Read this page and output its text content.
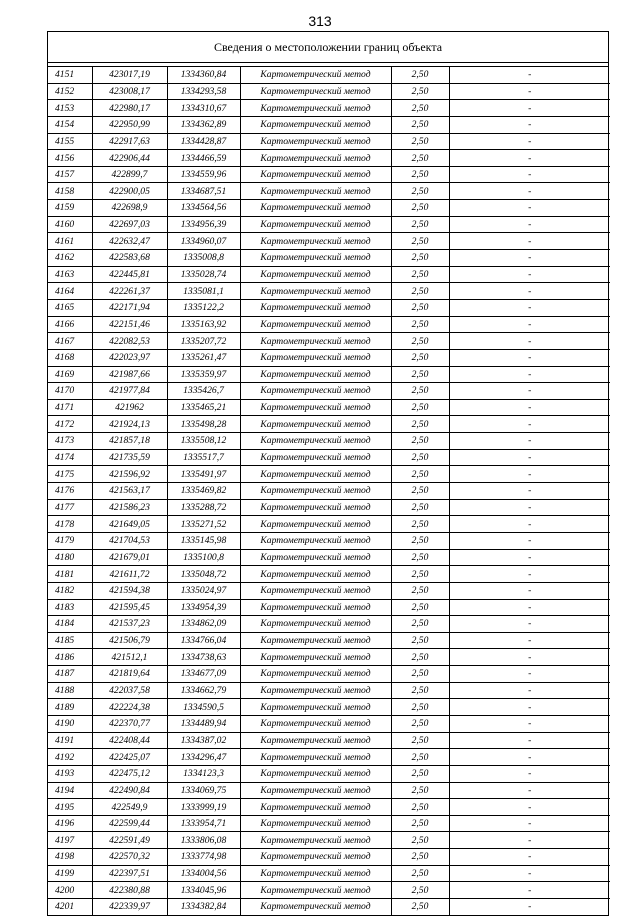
313
Сведения о местоположении границ объекта
4151	423017,19	1334360,84	Картометрический метод	2,50	-
4152	423008,17	1334293,58	Картометрический метод	2,50	-
4153	422980,17	1334310,67	Картометрический метод	2,50	-
4154	422950,99	1334362,89	Картометрический метод	2,50	-
4155	422917,63	1334428,87	Картометрический метод	2,50	-
4156	422906,44	1334466,59	Картометрический метод	2,50	-
4157	422899,7	1334559,96	Картометрический метод	2,50	-
4158	422900,05	1334687,51	Картометрический метод	2,50	-
4159	422698,9	1334564,56	Картометрический метод	2,50	-
4160	422697,03	1334956,39	Картометрический метод	2,50	-
4161	422632,47	1334960,07	Картометрический метод	2,50	-
4162	422583,68	1335008,8	Картометрический метод	2,50	-
4163	422445,81	1335028,74	Картометрический метод	2,50	-
4164	422261,37	1335081,1	Картометрический метод	2,50	-
4165	422171,94	1335122,2	Картометрический метод	2,50	-
4166	422151,46	1335163,92	Картометрический метод	2,50	-
4167	422082,53	1335207,72	Картометрический метод	2,50	-
4168	422023,97	1335261,47	Картометрический метод	2,50	-
4169	421987,66	1335359,97	Картометрический метод	2,50	-
4170	421977,84	1335426,7	Картометрический метод	2,50	-
4171	421962	1335465,21	Картометрический метод	2,50	-
4172	421924,13	1335498,28	Картометрический метод	2,50	-
4173	421857,18	1335508,12	Картометрический метод	2,50	-
4174	421735,59	1335517,7	Картометрический метод	2,50	-
4175	421596,92	1335491,97	Картометрический метод	2,50	-
4176	421563,17	1335469,82	Картометрический метод	2,50	-
4177	421586,23	1335288,72	Картометрический метод	2,50	-
4178	421649,05	1335271,52	Картометрический метод	2,50	-
4179	421704,53	1335145,98	Картометрический метод	2,50	-
4180	421679,01	1335100,8	Картометрический метод	2,50	-
4181	421611,72	1335048,72	Картометрический метод	2,50	-
4182	421594,38	1335024,97	Картометрический метод	2,50	-
4183	421595,45	1334954,39	Картометрический метод	2,50	-
4184	421537,23	1334862,09	Картометрический метод	2,50	-
4185	421506,79	1334766,04	Картометрический метод	2,50	-
4186	421512,1	1334738,63	Картометрический метод	2,50	-
4187	421819,64	1334677,09	Картометрический метод	2,50	-
4188	422037,58	1334662,79	Картометрический метод	2,50	-
4189	422224,38	1334590,5	Картометрический метод	2,50	-
4190	422370,77	1334489,94	Картометрический метод	2,50	-
4191	422408,44	1334387,02	Картометрический метод	2,50	-
4192	422425,07	1334296,47	Картометрический метод	2,50	-
4193	422475,12	1334123,3	Картометрический метод	2,50	-
4194	422490,84	1334069,75	Картометрический метод	2,50	-
4195	422549,9	1333999,19	Картометрический метод	2,50	-
4196	422599,44	1333954,71	Картометрический метод	2,50	-
4197	422591,49	1333806,08	Картометрический метод	2,50	-
4198	422570,32	1333774,98	Картометрический метод	2,50	-
4199	422397,51	1334004,56	Картометрический метод	2,50	-
4200	422380,88	1334045,96	Картометрический метод	2,50	-
4201	422339,97	1334382,84	Картометрический метод	2,50	-
